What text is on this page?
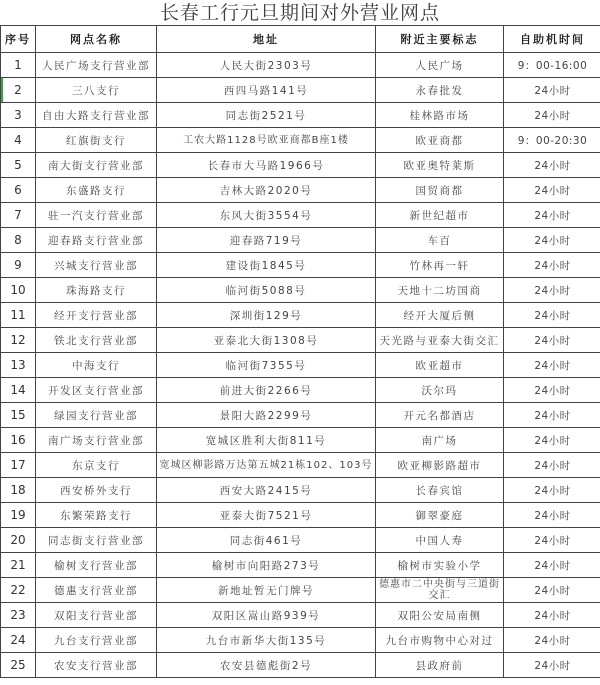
长春工行元旦期间对外营业网点
序号	网点名称	地址	附近主要标志	自助机时间
1	人民广场支行营业部	人民大街2303号	人民广场	9：00-16:00
2	三八支行	西四马路141号	永春批发	24小时
3	自由大路支行营业部	同志街2521号	桂林路市场	24小时
4	红旗街支行	工农大路1128号欧亚商都B座1楼	欧亚商都	9：00-20:30
5	南大街支行营业部	长春市大马路1966号	欧亚奥特莱斯	24小时
6	东盛路支行	吉林大路2020号	国贸商都	24小时
7	驻一汽支行营业部	东风大街3554号	新世纪超市	24小时
8	迎春路支行营业部	迎春路719号	车百	24小时
9	兴城支行营业部	建设街1845号	竹林再一轩	24小时
10	珠海路支行	临河街5088号	天地十二坊国商	24小时
11	经开支行营业部	深圳街129号	经开大厦后侧	24小时
12	铁北支行营业部	亚泰北大街1308号	天光路与亚泰大街交汇	24小时
13	中海支行	临河街7355号	欧亚超市	24小时
14	开发区支行营业部	前进大街2266号	沃尔玛	24小时
15	绿园支行营业部	景阳大路2299号	开元名都酒店	24小时
16	南广场支行营业部	宽城区胜利大街811号	南广场	24小时
17	东京支行	宽城区柳影路万达第五城21栋102、103号	欧亚柳影路超市	24小时
18	西安桥外支行	西安大路2415号	长春宾馆	24小时
19	东繁荣路支行	亚泰大街7521号	御翠豪庭	24小时
20	同志街支行营业部	同志街461号	中国人寿	24小时
21	榆树支行营业部	榆树市向阳路273号	榆树市实验小学	24小时
22	德惠支行营业部	新地址暂无门牌号	德惠市二中央街与三道街交汇	24小时
23	双阳支行营业部	双阳区嵩山路939号	双阳公安局南侧	24小时
24	九台支行营业部	九台市新华大街135号	九台市购物中心对过	24小时
25	农安支行营业部	农安县德彪街2号	县政府前	24小时
